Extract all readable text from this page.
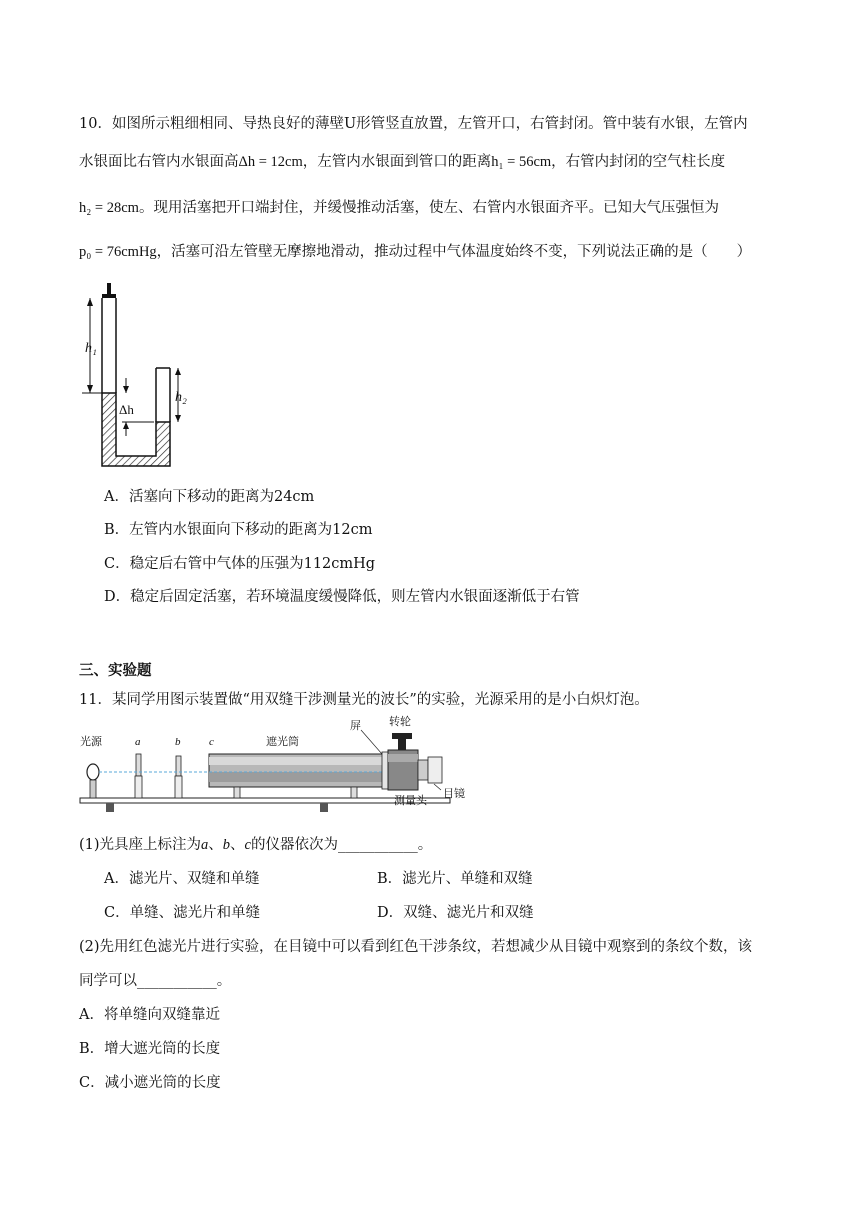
10．如图所示粗细相同、导热良好的薄壁U形管竖直放置，左管开口，右管封闭。管中装有水银，左管内
水银面比右管内水银面高Δh = 12cm，左管内水银面到管口的距离h₁ = 56cm，右管内封闭的空气柱长度
h₂ = 28cm。现用活塞把开口端封住，并缓慢推动活塞，使左、右管内水银面齐平。已知大气压强恒为
p₀ = 76cmHg，活塞可沿左管壁无摩擦地滑动，推动过程中气体温度始终不变，下列说法正确的是（　　）
h₁
Δh
h₂
A．活塞向下移动的距离为24cm
B．左管内水银面向下移动的距离为12cm
C．稳定后右管中气体的压强为112cmHg
D．稳定后固定活塞，若环境温度缓慢降低，则左管内水银面逐渐低于右管
三、实验题
11．某同学用图示装置做“用双缝干涉测量光的波长”的实验，光源采用的是小白炽灯泡。
光源	a	b	c	遮光筒
屏	转轮
目镜
测量头
(1)光具座上标注为a、b、c的仪器依次为___________。
A．滤光片、双缝和单缝	B．滤光片、单缝和双缝
C．单缝、滤光片和单缝	D．双缝、滤光片和双缝
(2)先用红色滤光片进行实验，在目镜中可以看到红色干涉条纹，若想减少从目镜中观察到的条纹个数，该
同学可以___________。
A．将单缝向双缝靠近
B．增大遮光筒的长度
C．减小遮光筒的长度
